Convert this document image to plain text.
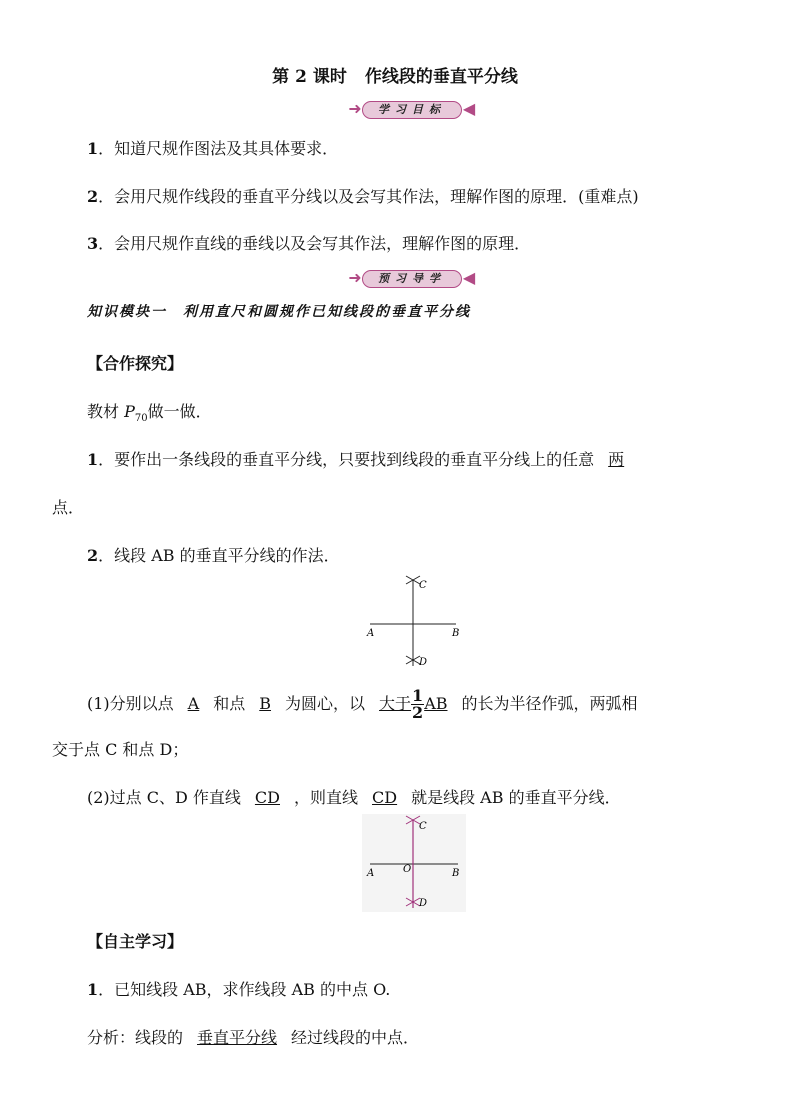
第 2 课时 作线段的垂直平分线
➜	学习目标	◀
1．知道尺规作图法及其具体要求．
2．会用尺规作线段的垂直平分线以及会写其作法，理解作图的原理．(重难点)
3．会用尺规作直线的垂线以及会写其作法，理解作图的原理．
➜	预习导学	◀
知识模块一　利用直尺和圆规作已知线段的垂直平分线
【合作探究】
教材 $P_{70}$做一做．
1．要作出一条线段的垂直平分线，只要找到线段的垂直平分线上的任意 两
点．
2．线段 AB 的垂直平分线的作法．
A	B
C
D
(1)分别以点 A 和点 B 为圆心，以 大于 $\frac{1}{2}$ AB 的长为半径作弧，两弧相
交于点 C 和点 D；
(2)过点 C、D 作直线 CD ，则直线 CD 就是线段 AB 的垂直平分线．
A	B
O
C
D
【自主学习】
1．已知线段 AB，求作线段 AB 的中点 O.
分析：线段的 垂直平分线 经过线段的中点．
